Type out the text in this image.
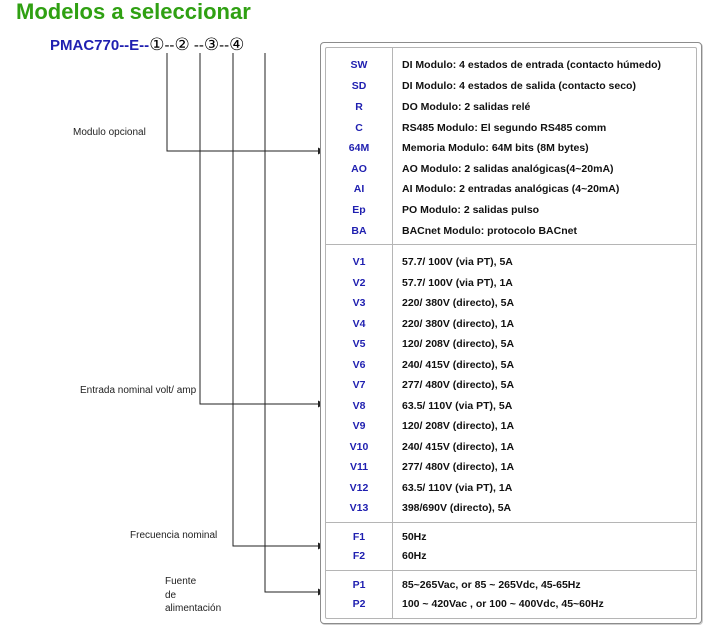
Modelos a seleccionar
PMAC770--E--①--② --③--④
Modulo opcional
Entrada nominal volt/ amp
Frecuencia nominal
Fuente
de
alimentación
SW	DI Modulo: 4 estados de entrada (contacto húmedo)
SD	DI Modulo: 4 estados de salida (contacto seco)
R	DO Modulo: 2 salidas relé
C	RS485 Modulo: El segundo RS485 comm
64M	Memoria Modulo: 64M bits (8M bytes)
AO	AO Modulo: 2 salidas analógicas(4~20mA)
AI	AI Modulo: 2 entradas analógicas (4~20mA)
Ep	PO Modulo: 2 salidas pulso
BA	BACnet Modulo: protocolo BACnet
V1	57.7/ 100V (via PT), 5A
V2	57.7/ 100V (via PT), 1A
V3	220/ 380V (directo), 5A
V4	220/ 380V (directo), 1A
V5	120/ 208V (directo), 5A
V6	240/ 415V (directo), 5A
V7	277/ 480V (directo), 5A
V8	63.5/ 110V (via PT), 5A
V9	120/ 208V (directo), 1A
V10	240/ 415V (directo), 1A
V11	277/ 480V (directo), 1A
V12	63.5/ 110V (via PT), 1A
V13	398/690V (directo), 5A
F1	50Hz
F2	60Hz
P1	85~265Vac, or 85 ~ 265Vdc, 45-65Hz
P2	100 ~ 420Vac , or 100 ~ 400Vdc, 45~60Hz
